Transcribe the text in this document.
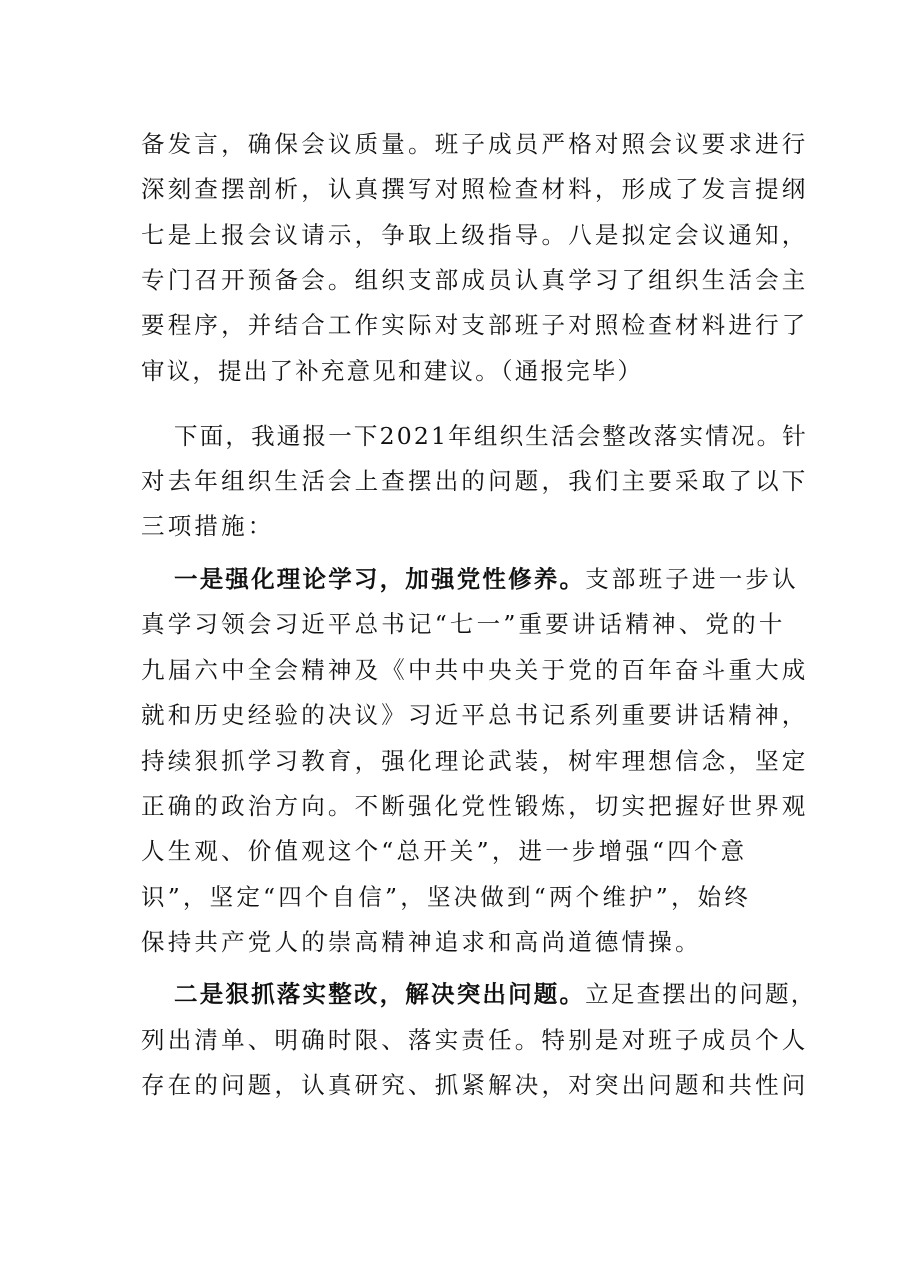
备发言，确保会议质量。班子成员严格对照会议要求进行
深刻查摆剖析，认真撰写对照检查材料，形成了发言提纲
七是上报会议请示，争取上级指导。八是拟定会议通知，
专门召开预备会。组织支部成员认真学习了组织生活会主
要程序，并结合工作实际对支部班子对照检查材料进行了
审议，提出了补充意见和建议。（通报完毕）
下面，我通报一下2021年组织生活会整改落实情况。针
对去年组织生活会上查摆出的问题，我们主要采取了以下
三项措施：
一是强化理论学习，加强党性修养。支部班子进一步认
真学习领会习近平总书记“七一”重要讲话精神、党的十
九届六中全会精神及《中共中央关于党的百年奋斗重大成
就和历史经验的决议》习近平总书记系列重要讲话精神，
持续狠抓学习教育，强化理论武装，树牢理想信念，坚定
正确的政治方向。不断强化党性锻炼，切实把握好世界观
人生观、价值观这个“总开关”，进一步增强“四个意
识”，坚定“四个自信”，坚决做到“两个维护”，始终
保持共产党人的崇高精神追求和高尚道德情操。
二是狠抓落实整改，解决突出问题。立足查摆出的问题，
列出清单、明确时限、落实责任。特别是对班子成员个人
存在的问题，认真研究、抓紧解决，对突出问题和共性问
